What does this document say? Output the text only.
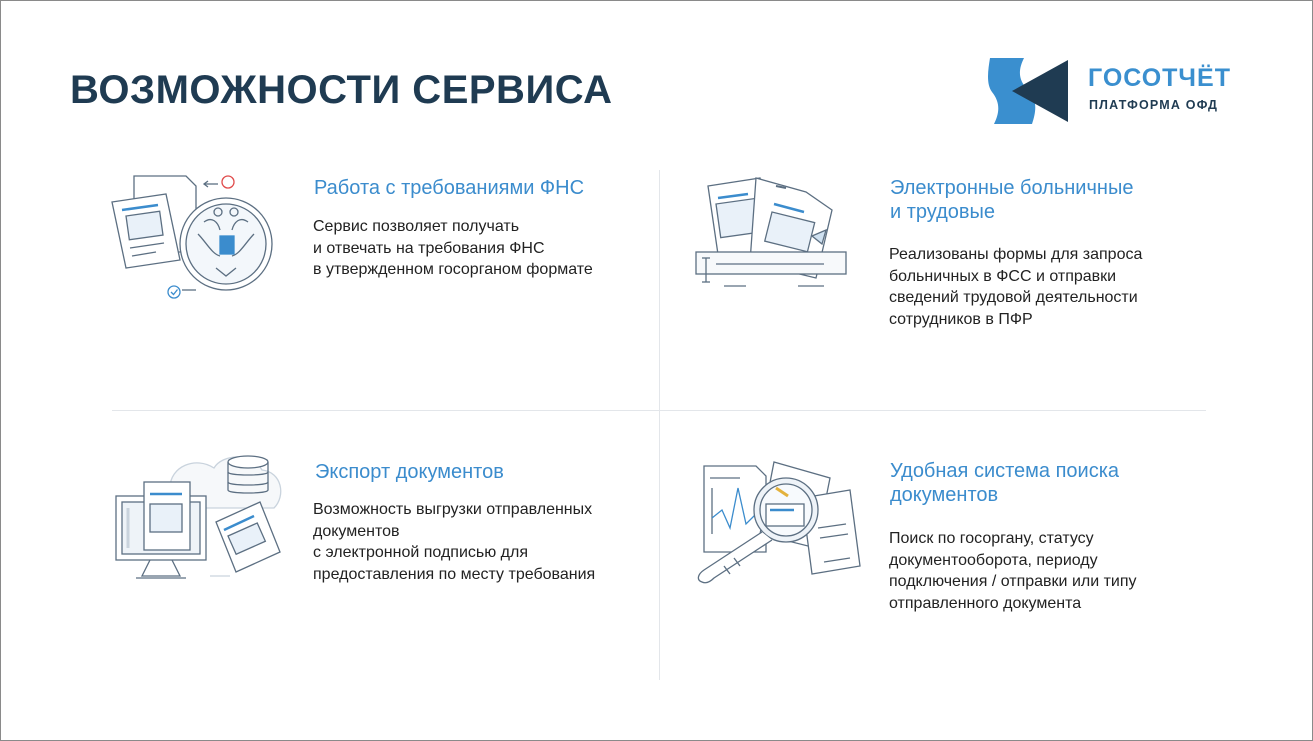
ВОЗМОЖНОСТИ СЕРВИСА	ГОСОТЧЁТ
ПЛАТФОРМА ОФД
Работа с требованиями ФНС
Сервис позволяет получать
и отвечать на требования ФНС
в утвержденном госорганом формате
Электронные больничные
и трудовые
Реализованы формы для запроса
больничных в ФСС и отправки
сведений трудовой деятельности
сотрудников в ПФР
Экспорт документов
Возможность выгрузки отправленных
документов
с электронной подписью для
предоставления по месту требования
Удобная система поиска
документов
Поиск по госоргану, статусу
документооборота, периоду
подключения / отправки или типу
отправленного документа
